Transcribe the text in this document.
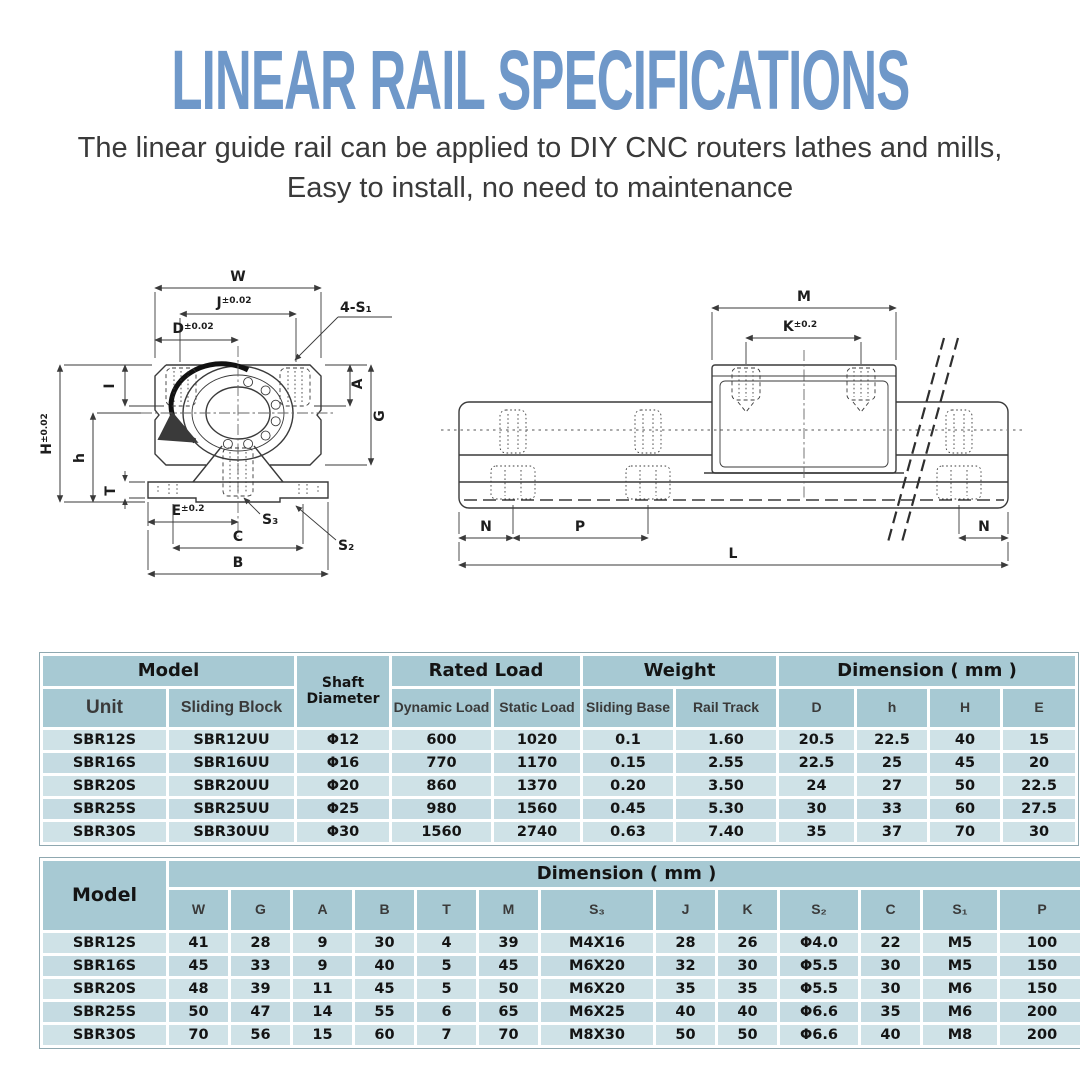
LINEAR RAIL SPECIFICATIONS

The linear guide rail can be applied to DIY CNC routers lathes and mills,

Easy to install, no need to maintenance

W
$J^{\pm 0.02}$
$D^{\pm 0.02}$
4-S₁
I	A
$H^{\pm 0.02}$
h
T
G
$E^{\pm 0.2}$
C
B
S₃
S₂
M
$K^{\pm 0.2}$
N	P	N
L
Model		Shaft Diameter	Rated Load		Weight		Dimension ( mm )			
Unit	Sliding Block		Dynamic Load	Static Load	Sliding Base	Rail Track	D	h	H	E
SBR12S	SBR12UU	Φ12	600	1020	0.1	1.60	20.5	22.5	40	15
SBR16S	SBR16UU	Φ16	770	1170	0.15	2.55	22.5	25	45	20
SBR20S	SBR20UU	Φ20	860	1370	0.20	3.50	24	27	50	22.5
SBR25S	SBR25UU	Φ25	980	1560	0.45	5.30	30	33	60	27.5
SBR30S	SBR30UU	Φ30	1560	2740	0.63	7.40	35	37	70	30
Model	Dimension ( mm )												
	W	G	A	B	T	M	S₃	J	K	S₂	C	S₁	P
SBR12S	41	28	9	30	4	39	M4X16	28	26	Φ4.0	22	M5	100
SBR16S	45	33	9	40	5	45	M6X20	32	30	Φ5.5	30	M5	150
SBR20S	48	39	11	45	5	50	M6X20	35	35	Φ5.5	30	M6	150
SBR25S	50	47	14	55	6	65	M6X25	40	40	Φ6.6	35	M6	200
SBR30S	70	56	15	60	7	70	M8X30	50	50	Φ6.6	40	M8	200
